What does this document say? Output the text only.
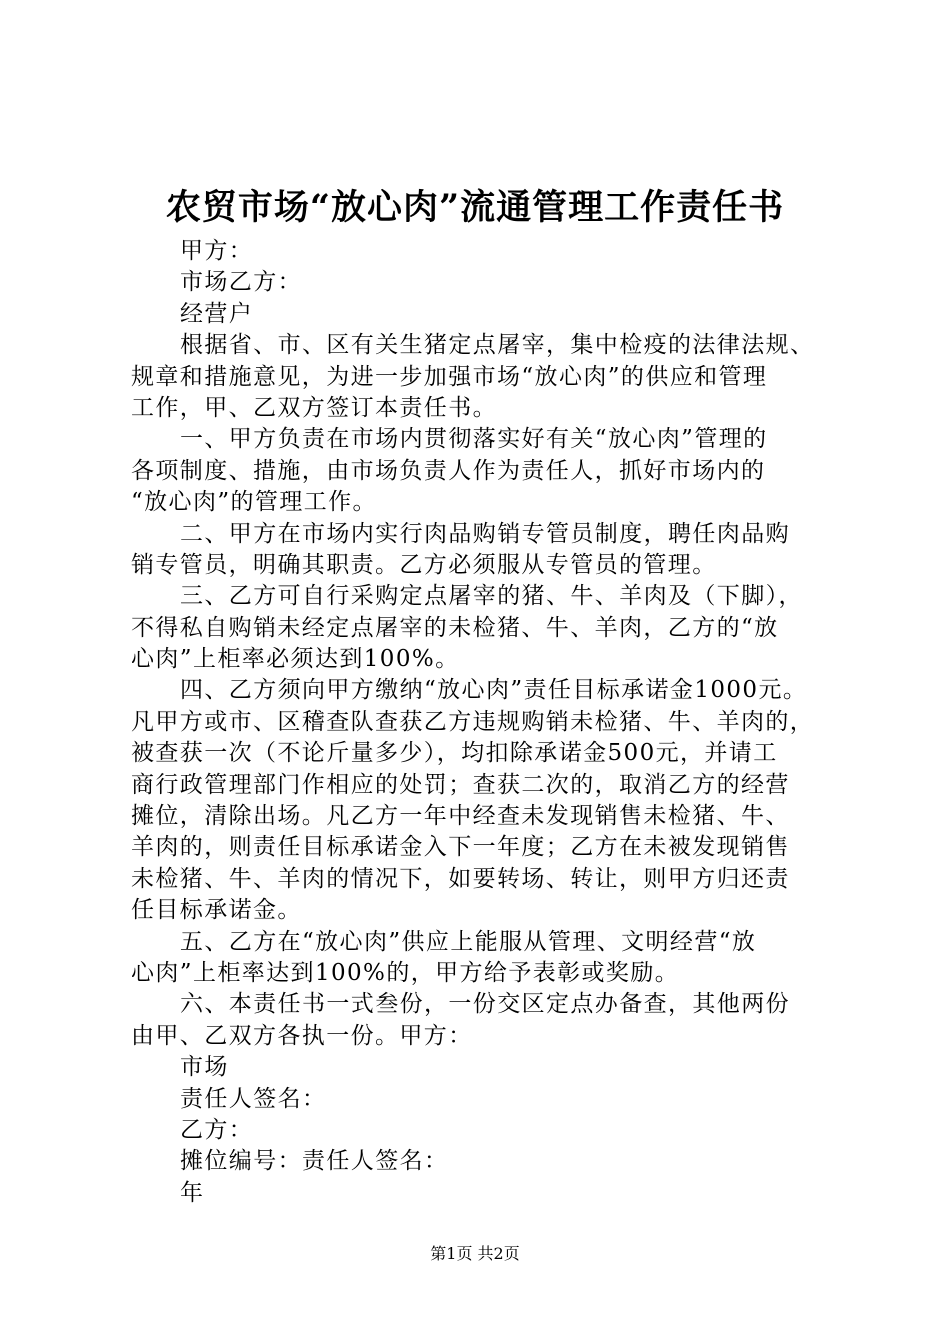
农贸市场“放心肉”流通管理工作责任书

甲方：

市场乙方：

经营户

根据省、市、区有关生猪定点屠宰，集中检疫的法律法规、

规章和措施意见，为进一步加强市场“放心肉”的供应和管理

工作，甲、乙双方签订本责任书。

一、甲方负责在市场内贯彻落实好有关“放心肉”管理的

各项制度、措施，由市场负责人作为责任人，抓好市场内的

“放心肉”的管理工作。

二、甲方在市场内实行肉品购销专管员制度，聘任肉品购

销专管员，明确其职责。乙方必须服从专管员的管理。

三、乙方可自行采购定点屠宰的猪、牛、羊肉及（下脚），

不得私自购销未经定点屠宰的未检猪、牛、羊肉，乙方的“放

心肉”上柜率必须达到100%。

四、乙方须向甲方缴纳“放心肉”责任目标承诺金1000元。

凡甲方或市、区稽查队查获乙方违规购销未检猪、牛、羊肉的，

被查获一次（不论斤量多少），均扣除承诺金500元，并请工

商行政管理部门作相应的处罚；查获二次的，取消乙方的经营

摊位，清除出场。凡乙方一年中经查未发现销售未检猪、牛、

羊肉的，则责任目标承诺金入下一年度；乙方在未被发现销售

未检猪、牛、羊肉的情况下，如要转场、转让，则甲方归还责

任目标承诺金。

五、乙方在“放心肉”供应上能服从管理、文明经营“放

心肉”上柜率达到100%的，甲方给予表彰或奖励。

六、本责任书一式叁份，一份交区定点办备查，其他两份

由甲、乙双方各执一份。甲方：

市场

责任人签名：

乙方：

摊位编号：责任人签名：

年

第1页 共2页
